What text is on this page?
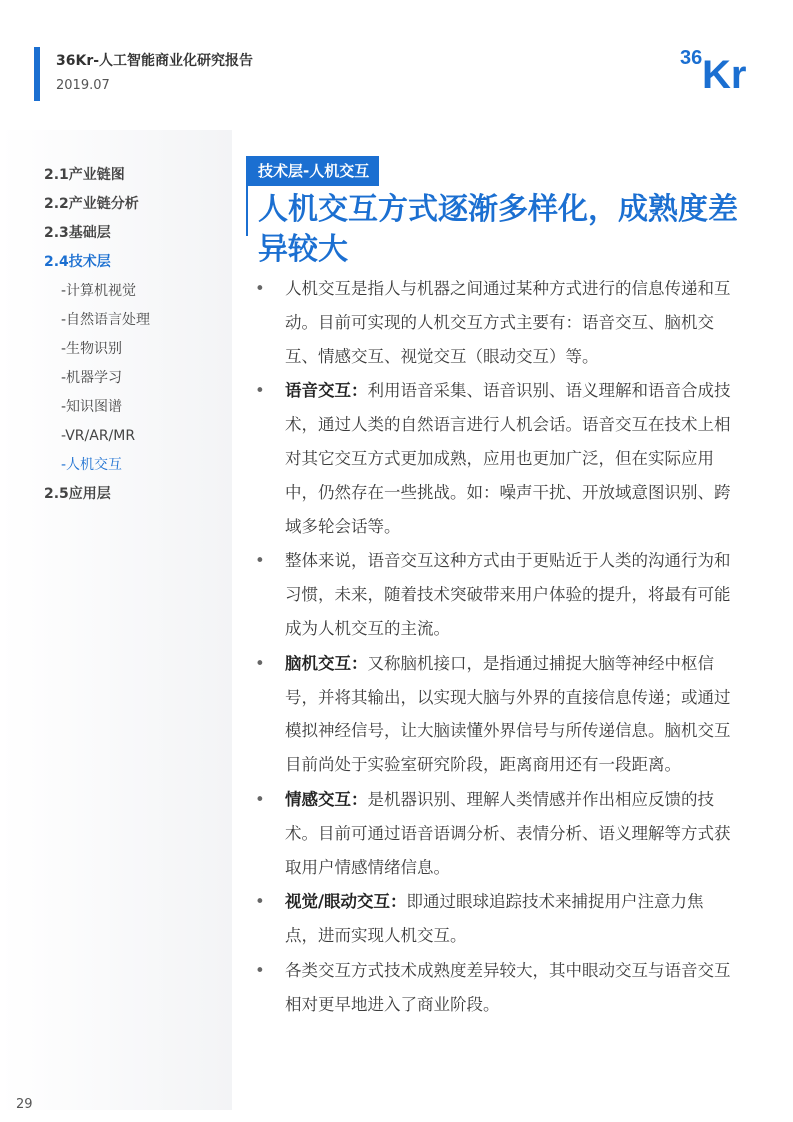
36Kr-人工智能商业化研究报告
2019.07
36 Kr
2.1产业链图
2.2产业链分析
2.3基础层
2.4技术层
-计算机视觉
-自然语言处理
-生物识别
-机器学习
-知识图谱
-VR/AR/MR
-人机交互
2.5应用层
技术层-人机交互
人机交互方式逐渐多样化，成熟度差异较大
• 人机交互是指人与机器之间通过某种方式进行的信息传递和互动。目前可实现的人机交互方式主要有：语音交互、脑机交互、情感交互、视觉交互（眼动交互）等。
• 语音交互：利用语音采集、语音识别、语义理解和语音合成技术，通过人类的自然语言进行人机会话。语音交互在技术上相对其它交互方式更加成熟，应用也更加广泛，但在实际应用中，仍然存在一些挑战。如：噪声干扰、开放域意图识别、跨域多轮会话等。
• 整体来说，语音交互这种方式由于更贴近于人类的沟通行为和习惯，未来，随着技术突破带来用户体验的提升，将最有可能成为人机交互的主流。
• 脑机交互：又称脑机接口，是指通过捕捉大脑等神经中枢信号，并将其输出，以实现大脑与外界的直接信息传递；或通过模拟神经信号，让大脑读懂外界信号与所传递信息。脑机交互目前尚处于实验室研究阶段，距离商用还有一段距离。
• 情感交互：是机器识别、理解人类情感并作出相应反馈的技术。目前可通过语音语调分析、表情分析、语义理解等方式获取用户情感情绪信息。
• 视觉/眼动交互：即通过眼球追踪技术来捕捉用户注意力焦点，进而实现人机交互。
• 各类交互方式技术成熟度差异较大，其中眼动交互与语音交互相对更早地进入了商业阶段。
29
